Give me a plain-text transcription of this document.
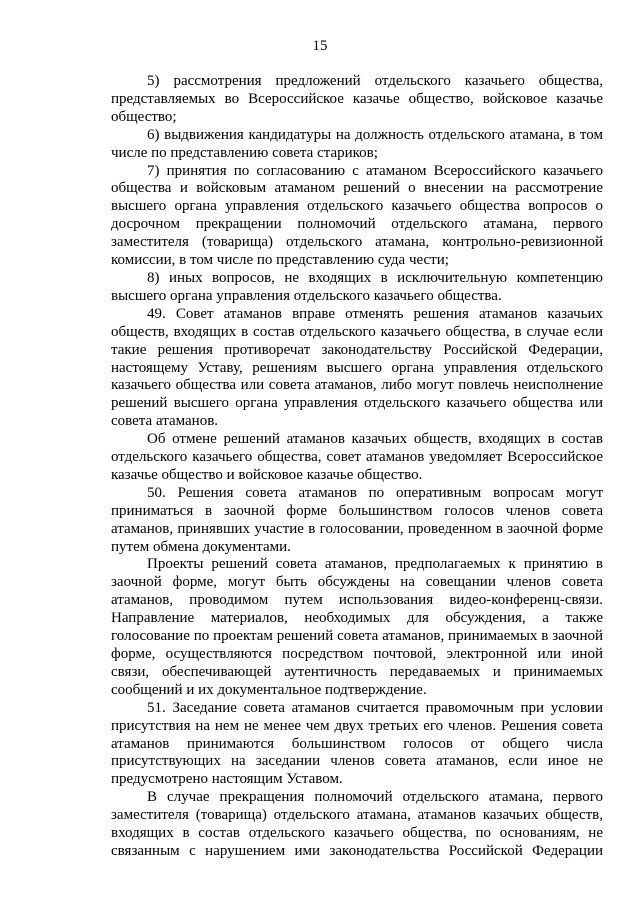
15

5) рассмотрения предложений отдельского казачьего общества, представляемых во Всероссийское казачье общество, войсковое казачье общество;

6) выдвижения кандидатуры на должность отдельского атамана, в том числе по представлению совета стариков;

7) принятия по согласованию с атаманом Всероссийского казачьего общества и войсковым атаманом решений о внесении на рассмотрение высшего органа управления отдельского казачьего общества вопросов о досрочном прекращении полномочий отдельского атамана, первого заместителя (товарища) отдельского атамана, контрольно-ревизионной комиссии, в том числе по представлению суда чести;

8) иных вопросов, не входящих в исключительную компетенцию высшего органа управления отдельского казачьего общества.

49. Совет атаманов вправе отменять решения атаманов казачьих обществ, входящих в состав отдельского казачьего общества, в случае если такие решения противоречат законодательству Российской Федерации, настоящему Уставу, решениям высшего органа управления отдельского казачьего общества или совета атаманов, либо могут повлечь неисполнение решений высшего органа управления отдельского казачьего общества или совета атаманов.

Об отмене решений атаманов казачьих обществ, входящих в состав отдельского казачьего общества, совет атаманов уведомляет Всероссийское казачье общество и войсковое казачье общество.

50. Решения совета атаманов по оперативным вопросам могут приниматься в заочной форме большинством голосов членов совета атаманов, принявших участие в голосовании, проведенном в заочной форме путем обмена документами.

Проекты решений совета атаманов, предполагаемых к принятию в заочной форме, могут быть обсуждены на совещании членов совета атаманов, проводимом путем использования видео-конференц-связи. Направление материалов, необходимых для обсуждения, а также голосование по проектам решений совета атаманов, принимаемых в заочной форме, осуществляются посредством почтовой, электронной или иной связи, обеспечивающей аутентичность передаваемых и принимаемых сообщений и их документальное подтверждение.

51. Заседание совета атаманов считается правомочным при условии присутствия на нем не менее чем двух третьих его членов. Решения совета атаманов принимаются большинством голосов от общего числа присутствующих на заседании членов совета атаманов, если иное не предусмотрено настоящим Уставом.

В случае прекращения полномочий отдельского атамана, первого заместителя (товарища) отдельского атамана, атаманов казачьих обществ, входящих в состав отдельского казачьего общества, по основаниям, не связанным с нарушением ими законодательства Российской Федерации
